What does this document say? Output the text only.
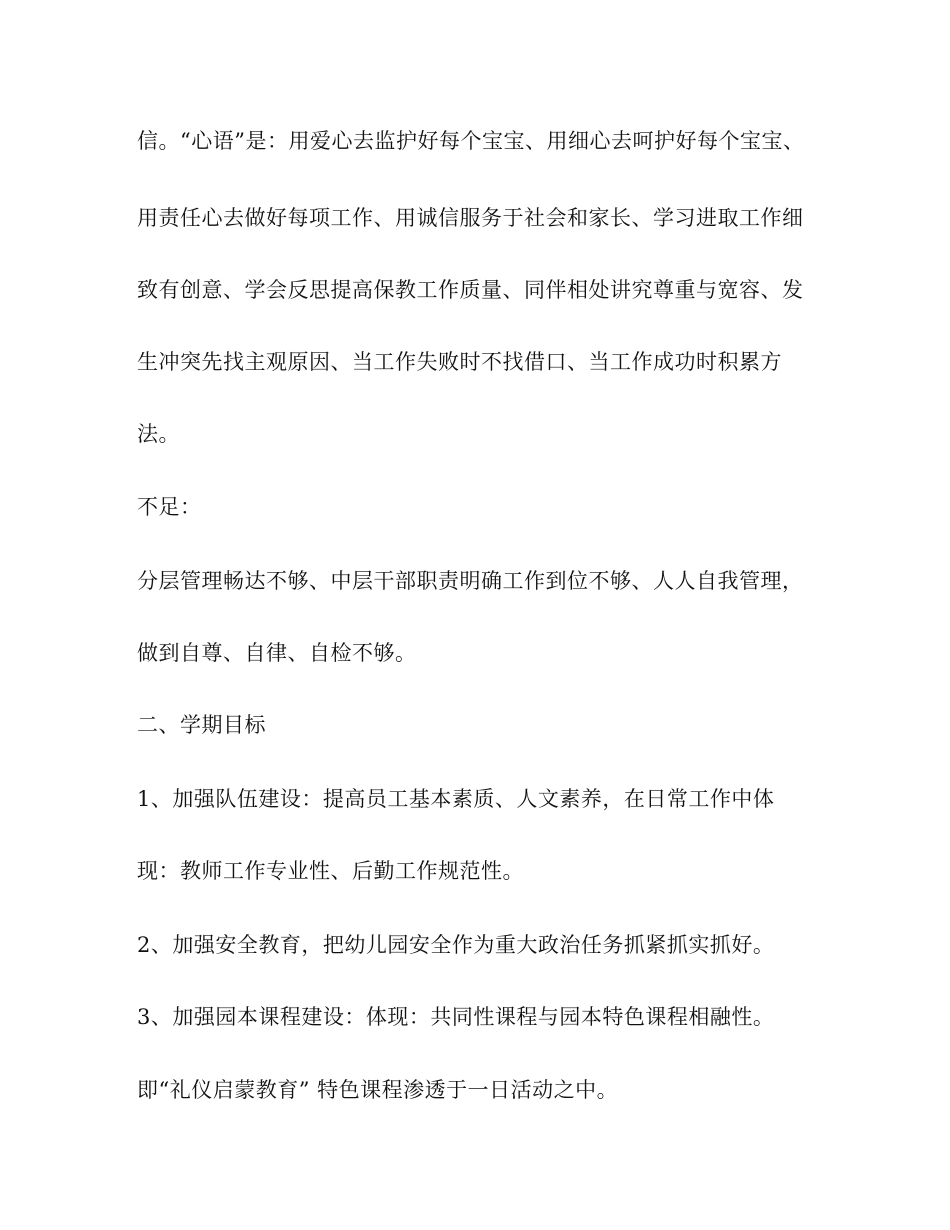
信。“心语”是：用爱心去监护好每个宝宝、用细心去呵护好每个宝宝、
用责任心去做好每项工作、用诚信服务于社会和家长、学习进取工作细
致有创意、学会反思提高保教工作质量、同伴相处讲究尊重与宽容、发
生冲突先找主观原因、当工作失败时不找借口、当工作成功时积累方
法。
不足：
分层管理畅达不够、中层干部职责明确工作到位不够、人人自我管理，
做到自尊、自律、自检不够。
二、学期目标
1、加强队伍建设：提高员工基本素质、人文素养，在日常工作中体
现：教师工作专业性、后勤工作规范性。
2、加强安全教育，把幼儿园安全作为重大政治任务抓紧抓实抓好。
3、加强园本课程建设：体现：共同性课程与园本特色课程相融性。
即“礼仪启蒙教育” 特色课程渗透于一日活动之中。
